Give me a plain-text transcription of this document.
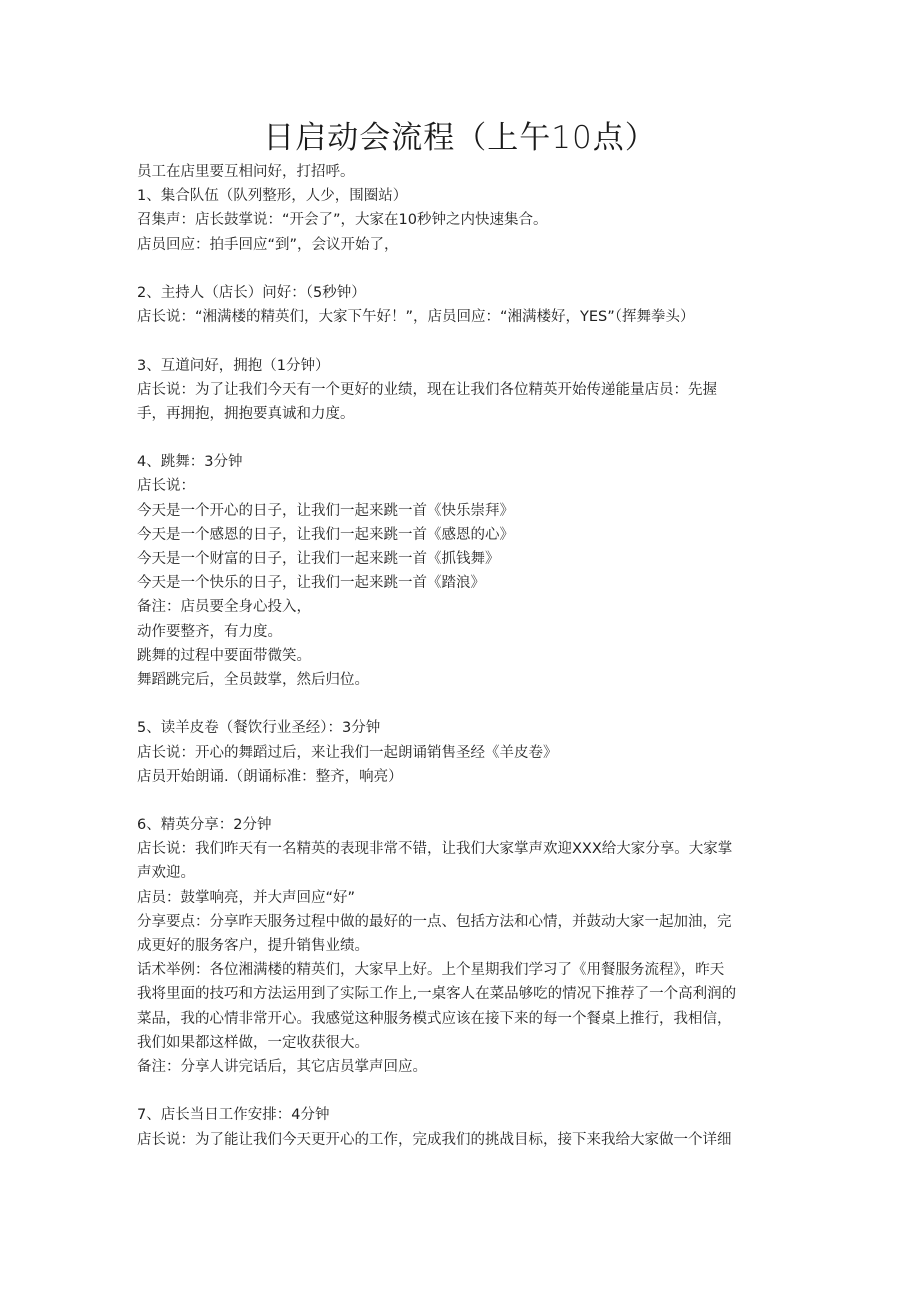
日启动会流程（上午10点）
员工在店里要互相问好，打招呼。
1、集合队伍（队列整形，人少，围圈站）
召集声：店长鼓掌说：“开会了”，大家在10秒钟之内快速集合。
店员回应：拍手回应“到”，会议开始了，
2、主持人（店长）问好：（5秒钟）
店长说：“湘满楼的精英们，大家下午好！”，店员回应：“湘满楼好，YES”（挥舞拳头）
3、互道问好，拥抱（1分钟）
店长说：为了让我们今天有一个更好的业绩，现在让我们各位精英开始传递能量店员：先握
手，再拥抱，拥抱要真诚和力度。
4、跳舞：3分钟
店长说：
今天是一个开心的日子，让我们一起来跳一首《快乐崇拜》
今天是一个感恩的日子，让我们一起来跳一首《感恩的心》
今天是一个财富的日子，让我们一起来跳一首《抓钱舞》
今天是一个快乐的日子，让我们一起来跳一首《踏浪》
备注：店员要全身心投入，
动作要整齐，有力度。
跳舞的过程中要面带微笑。
舞蹈跳完后，全员鼓掌，然后归位。
5、读羊皮卷（餐饮行业圣经）：3分钟
店长说：开心的舞蹈过后，来让我们一起朗诵销售圣经《羊皮卷》
店员开始朗诵.（朗诵标准：整齐，响亮）
6、精英分享：2分钟
店长说：我们昨天有一名精英的表现非常不错，让我们大家掌声欢迎XXX给大家分享。大家掌
声欢迎。
店员：鼓掌响亮，并大声回应“好”
分享要点：分享昨天服务过程中做的最好的一点、包括方法和心情，并鼓动大家一起加油，完
成更好的服务客户，提升销售业绩。
话术举例：各位湘满楼的精英们，大家早上好。上个星期我们学习了《用餐服务流程》，昨天
我将里面的技巧和方法运用到了实际工作上,一桌客人在菜品够吃的情况下推荐了一个高利润的
菜品，我的心情非常开心。我感觉这种服务模式应该在接下来的每一个餐桌上推行，我相信，
我们如果都这样做，一定收获很大。
备注：分享人讲完话后，其它店员掌声回应。
7、店长当日工作安排：4分钟
店长说：为了能让我们今天更开心的工作，完成我们的挑战目标，接下来我给大家做一个详细
